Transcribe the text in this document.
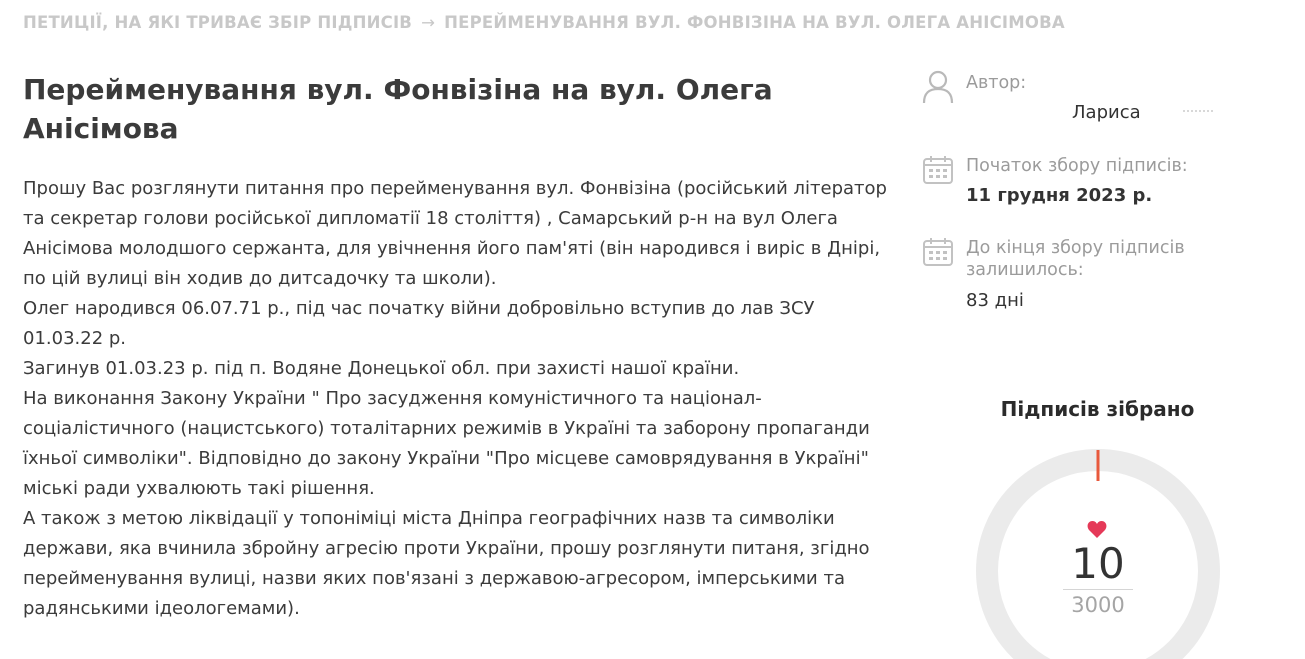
ПЕТИЦІЇ, НА ЯКІ ТРИВАЄ ЗБІР ПІДПИСІВ → ПЕРЕЙМЕНУВАННЯ ВУЛ. ФОНВІЗІНА НА ВУЛ. ОЛЕГА АНІСІМОВА
Перейменування вул. Фонвізіна на вул. Олега Анісімова

Прошу Вас розглянути питання про перейменування вул. Фонвізіна (російський літератор та секретар голови російської дипломатії 18 століття) , Самарський р-н на вул Олега Анісімова молодшого сержанта, для увічнення його пам'яті (він народився і виріс в Днірі, по цій вулиці він ходив до дитсадочку та школи).
Олег народився 06.07.71 р., під час початку війни добровільно вступив до лав ЗСУ 01.03.22 р.
Загинув 01.03.23 р. під п. Водяне Донецької обл. при захисті нашої країни.
На виконання Закону України " Про засудження комуністичного та націонал-соціалістичного (нацистського) тоталітарних режимів в Україні та заборону пропаганди їхньої символіки". Відповідно до закону України "Про місцеве самоврядування в Україні" міські ради ухвалюють такі рішення.
А також з метою ліквідації у топоніміці міста Дніпра географічних назв та символіки держави, яка вчинила збройну агресію проти України, прошу розглянути питаня, згідно перейменування вулиці, назви яких пов'язані з державою-агресором, імперськими та радянськими ідеологемами).

Автор:
Лариса
Початок збору підписів:
11 грудня 2023 р.
До кінця збору підписів залишилось:
83 дні
Підписів зібрано
10
3000
